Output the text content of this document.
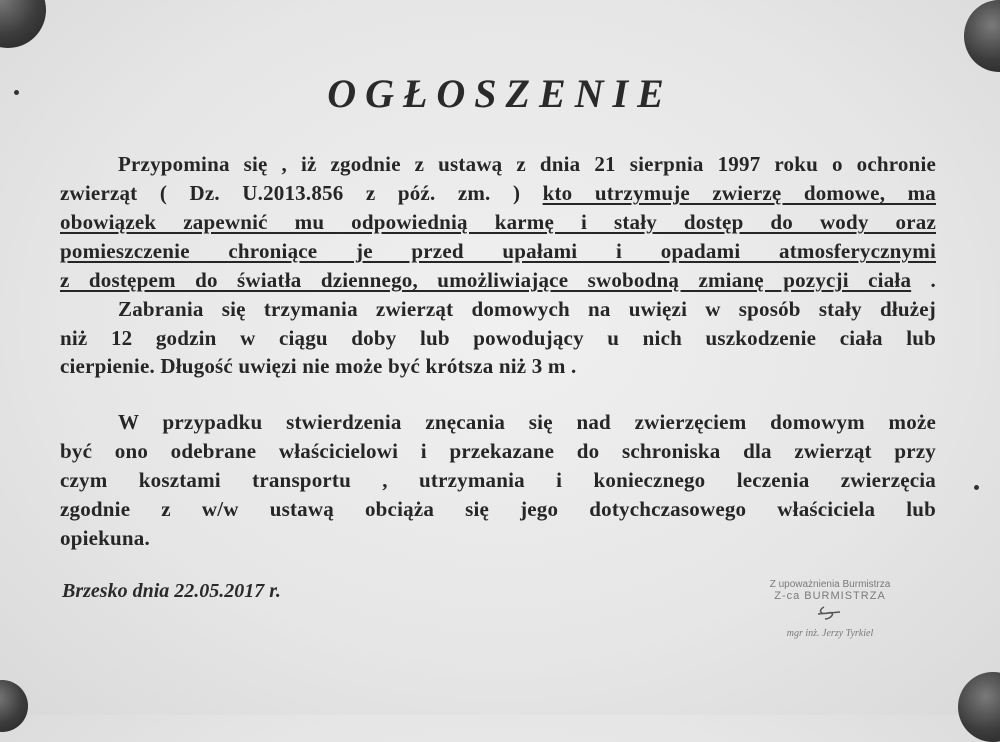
OGŁOSZENIE
Przypomina się , iż zgodnie z ustawą z dnia 21 sierpnia 1997 roku o ochronie
zwierząt ( Dz. U.2013.856 z póź. zm. ) kto utrzymuje zwierzę domowe, ma
obowiązek zapewnić mu odpowiednią karmę i stały dostęp do wody oraz
pomieszczenie chroniące je przed upałami i opadami atmosferycznymi
z dostępem do światła dziennego, umożliwiające swobodną zmianę pozycji ciała .
Zabrania się trzymania zwierząt domowych na uwięzi w sposób stały dłużej
niż 12 godzin w ciągu doby lub powodujący u nich uszkodzenie ciała lub
cierpienie. Długość uwięzi nie może być krótsza niż 3 m .
W przypadku stwierdzenia znęcania się nad zwierzęciem domowym może
być ono odebrane właścicielowi i przekazane do schroniska dla zwierząt przy
czym kosztami transportu , utrzymania i koniecznego leczenia zwierzęcia
zgodnie z w/w ustawą obciąża się jego dotychczasowego właściciela lub
opiekuna.
Brzesko dnia 22.05.2017 r.	Z upoważnienia Burmistrza
Z-ca BURMISTRZA
mgr inż. Jerzy Tyrkiel
